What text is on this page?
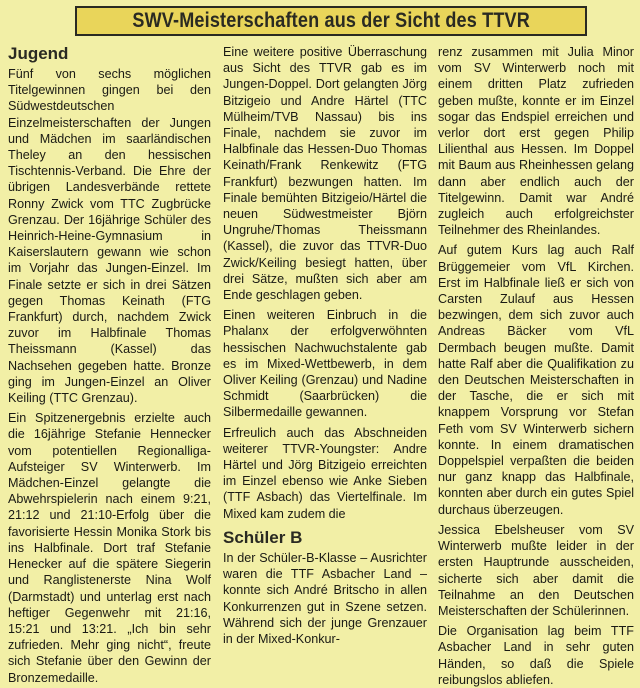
SWV-Meisterschaften aus der Sicht des TTVR
Jugend

Fünf von sechs möglichen Titelgewinnen gingen bei den Südwestdeutschen Einzelmeisterschaften der Jungen und Mädchen im saarländischen Theley an den hessischen Tischtennis-Verband. Die Ehre der übrigen Landesverbände rettete Ronny Zwick vom TTC Zugbrücke Grenzau. Der 16jährige Schüler des Heinrich-Heine-Gymnasium in Kaiserslautern gewann wie schon im Vorjahr das Jungen-Einzel. Im Finale setzte er sich in drei Sätzen gegen Thomas Keinath (FTG Frankfurt) durch, nachdem Zwick zuvor im Halbfinale Thomas Theissmann (Kassel) das Nachsehen gegeben hatte. Bronze ging im Jungen-Einzel an Oliver Keiling (TTC Grenzau).

Ein Spitzenergebnis erzielte auch die 16jährige Stefanie Hennecker vom potentiellen Regionalliga-Aufsteiger SV Winterwerb. Im Mädchen-Einzel gelangte die Abwehrspielerin nach einem 9:21, 21:12 und 21:10-Erfolg über die favorisierte Hessin Monika Stork bis ins Halbfinale. Dort traf Stefanie Henecker auf die spätere Siegerin und Ranglistenerste Nina Wolf (Darmstadt) und unterlag erst nach heftiger Gegenwehr mit 21:16, 15:21 und 13:21. „Ich bin sehr zufrieden. Mehr ging nicht“, freute sich Stefanie über den Gewinn der Bronzemedaille.

Eine weitere positive Überraschung aus Sicht des TTVR gab es im Jungen-Doppel. Dort gelangten Jörg Bitzigeio und Andre Härtel (TTC Mülheim/TVB Nassau) bis ins Finale, nachdem sie zuvor im Halbfinale das Hessen-Duo Thomas Keinath/Frank Renkewitz (FTG Frankfurt) bezwungen hatten. Im Finale bemühten Bitzigeio/Härtel die neuen Südwestmeister Björn Ungruhe/Thomas Theissmann (Kassel), die zuvor das TTVR-Duo Zwick/Keiling besiegt hatten, über drei Sätze, mußten sich aber am Ende geschlagen geben.

Einen weiteren Einbruch in die Phalanx der erfolgverwöhnten hessischen Nachwuchstalente gab es im Mixed-Wettbewerb, in dem Oliver Keiling (Grenzau) und Nadine Schmidt (Saarbrücken) die Silbermedaille gewannen.

Erfreulich auch das Abschneiden weiterer TTVR-Youngster: Andre Härtel und Jörg Bitzigeio erreichten im Einzel ebenso wie Anke Sieben (TTF Asbach) das Viertelfinale. Im Mixed kam zudem die

Schüler B

In der Schüler-B-Klasse – Ausrichter waren die TTF Asbacher Land – konnte sich André Britscho in allen Konkurrenzen gut in Szene setzen. Während sich der junge Grenzauer in der Mixed-Konkur-

renz zusammen mit Julia Minor vom SV Winterwerb noch mit einem dritten Platz zufrieden geben mußte, konnte er im Einzel sogar das Endspiel erreichen und verlor dort erst gegen Philip Lilienthal aus Hessen. Im Doppel mit Baum aus Rheinhessen gelang dann aber endlich auch der Titelgewinn. Damit war André zugleich auch erfolgreichster Teilnehmer des Rheinlandes.

Auf gutem Kurs lag auch Ralf Brüggemeier vom VfL Kirchen. Erst im Halbfinale ließ er sich von Carsten Zulauf aus Hessen bezwingen, dem sich zuvor auch Andreas Bäcker vom VfL Dermbach beugen mußte. Damit hatte Ralf aber die Qualifikation zu den Deutschen Meisterschaften in der Tasche, die er sich mit knappem Vorsprung vor Stefan Feth vom SV Winterwerb sichern konnte. In einem dramatischen Doppelspiel verpaßten die beiden nur ganz knapp das Halbfinale, konnten aber durch ein gutes Spiel durchaus überzeugen.

Jessica Ebelsheuser vom SV Winterwerb mußte leider in der ersten Hauptrunde ausscheiden, sicherte sich aber damit die Teilnahme an den Deutschen Meisterschaften der Schülerinnen.

Die Organisation lag beim TTF Asbacher Land in sehr guten Händen, so daß die Spiele reibungslos abliefen.
